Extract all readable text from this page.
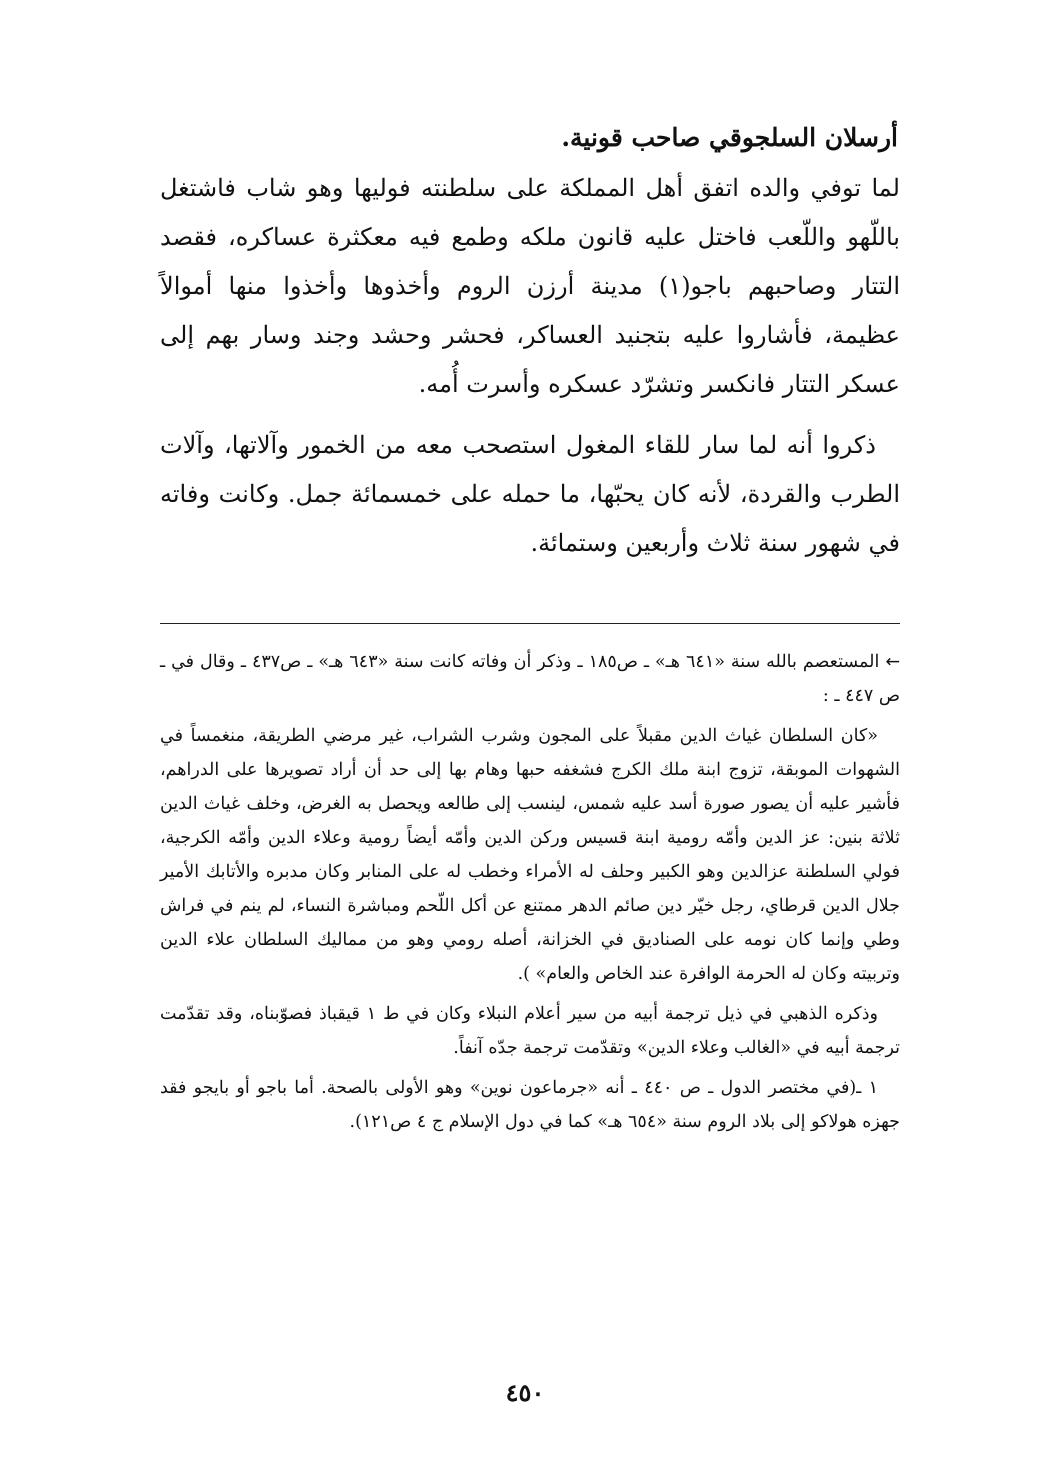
أرسلان السلجوقي صاحب قونية.

لما توفي والده اتفق أهل المملكة على سلطنته فوليها وهو شاب فاشتغل باللّهو واللّعب فاختل عليه قانون ملكه وطمع فيه معكثرة عساكره، فقصد التتار وصاحبهم باجو(١) مدينة أرزن الروم وأخذوها وأخذوا منها أموالاً عظيمة، فأشاروا عليه بتجنيد العساكر، فحشر وحشد وجند وسار بهم إلى عسكر التتار فانكسر وتشرّد عسكره وأسرت أُمه.

ذكروا أنه لما سار للقاء المغول استصحب معه من الخمور وآلاتها، وآلات الطرب والقردة، لأنه كان يحبّها، ما حمله على خمسمائة جمل. وكانت وفاته في شهور سنة ثلاث وأربعين وستمائة.

←المستعصم بالله سنة «٦٤١ هـ» ـ ص١٨٥ ـ وذكر أن وفاته كانت سنة «٦٤٣ هـ» ـ ص٤٣٧ ـ وقال في ـ ص ٤٤٧ ـ :

«كان السلطان غياث الدين مقبلاً على المجون وشرب الشراب، غير مرضي الطريقة، منغمساً في الشهوات الموبقة، تزوج ابنة ملك الكرج فشغفه حبها وهام بها إلى حد أن أراد تصويرها على الدراهم، فأشير عليه أن يصور صورة أسد عليه شمس، لينسب إلى طالعه ويحصل به الغرض، وخلف غياث الدين ثلاثة بنين: عز الدين وأمّه رومية ابنة قسيس وركن الدين وأمّه أيضاً رومية وعلاء الدين وأمّه الكرجية، فولي السلطنة عزالدين وهو الكبير وحلف له الأمراء وخطب له على المنابر وكان مدبره والأتابك الأمير جلال الدين قرطاي، رجل خيّر دين صائم الدهر ممتنع عن أكل اللّحم ومباشرة النساء، لم ينم في فراش وطي وإنما كان نومه على الصناديق في الخزانة، أصله رومي وهو من مماليك السلطان علاء الدين وتربيته وكان له الحرمة الوافرة عند الخاص والعام» ).

وذكره الذهبي في ذيل ترجمة أبيه من سير أعلام النبلاء وكان في ط ١ قيقباذ فصوّبناه، وقد تقدّمت ترجمة أبيه في «الغالب وعلاء الدين» وتقدّمت ترجمة جدّه آنفاً.

١ ـ(في مختصر الدول ـ ص ٤٤٠ ـ أنه «جرماعون نوين» وهو الأولى بالصحة. أما باجو أو بايجو فقد جهزه هولاكو إلى بلاد الروم سنة «٦٥٤ هـ» كما في دول الإسلام ج ٤ ص١٢١).

٤٥٠
